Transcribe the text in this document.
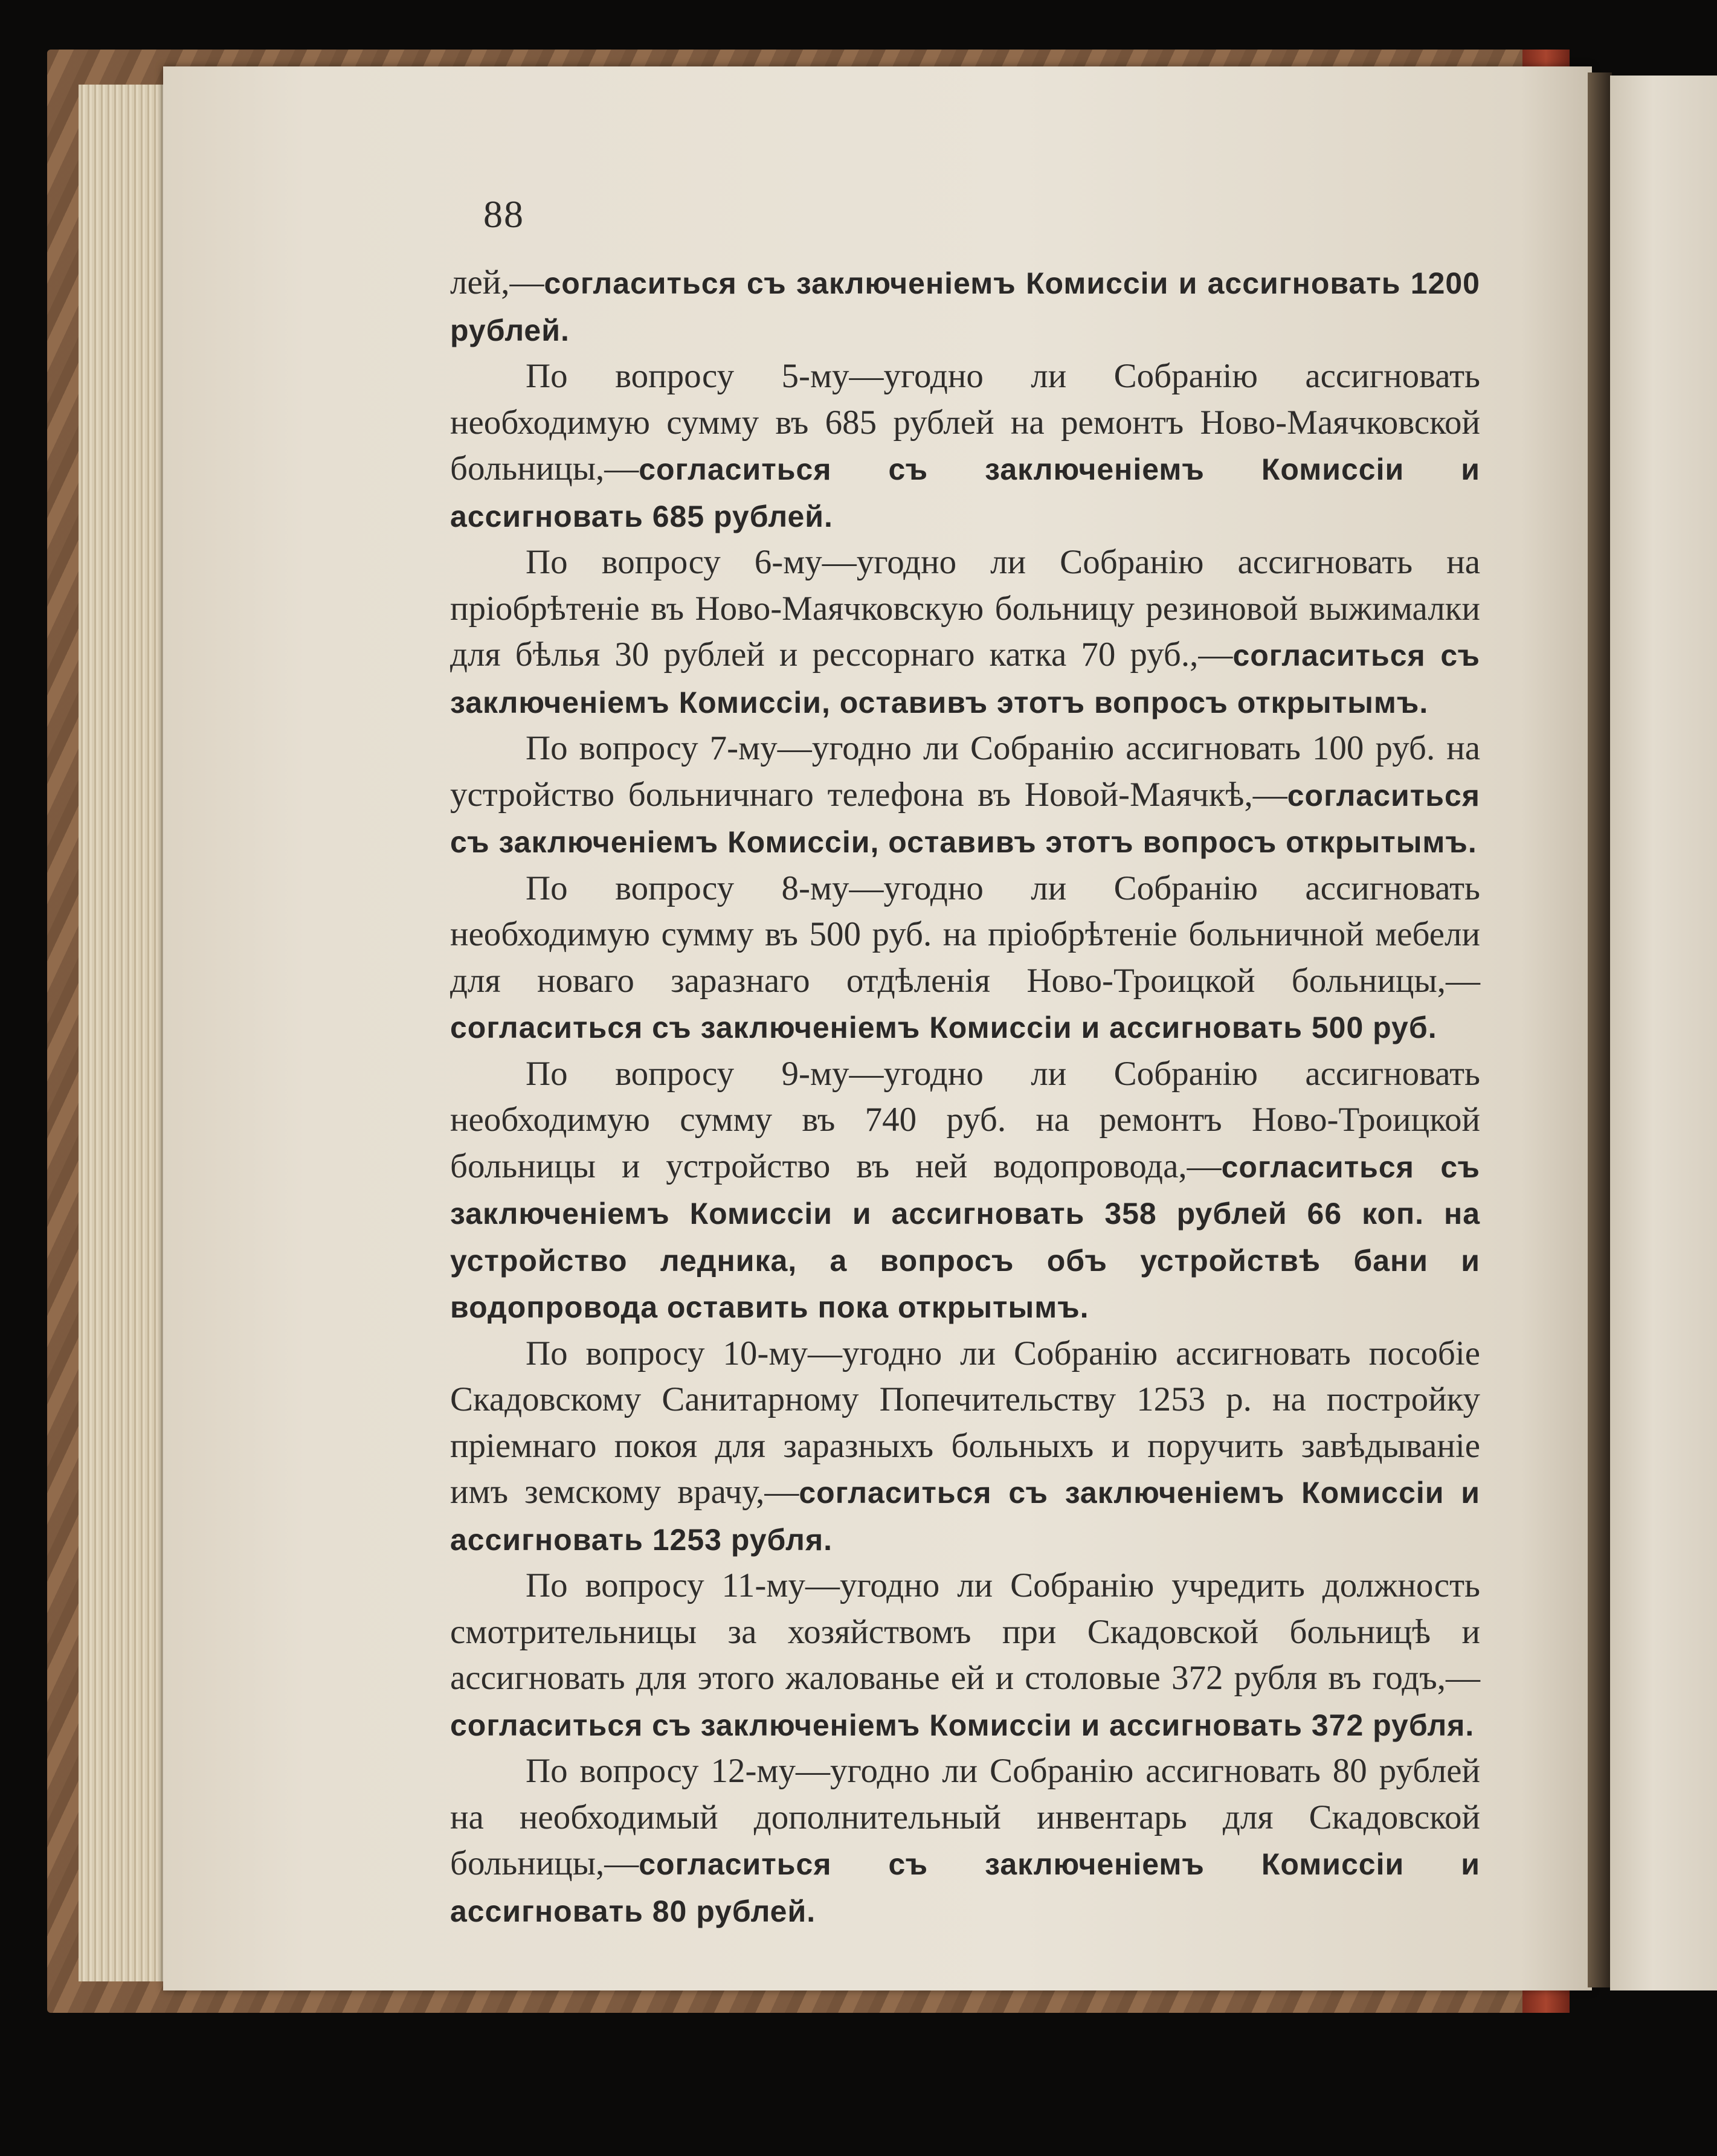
88

лей,—согласиться съ заключеніемъ Комиссіи и ассигновать 1200 рублей.

По вопросу 5-му—угодно ли Собранію ассигновать необходимую сумму въ 685 рублей на ремонтъ Ново-Маячковской больницы,—согласиться съ заключеніемъ Комиссіи и ассигновать 685 рублей.

По вопросу 6-му—угодно ли Собранію ассигновать на пріобрѣтеніе въ Ново-Маячковскую больницу резиновой выжималки для бѣлья 30 рублей и рессорнаго катка 70 руб.,—согласиться съ заключеніемъ Комиссіи, оставивъ этотъ вопросъ открытымъ.

По вопросу 7-му—угодно ли Собранію ассигновать 100 руб. на устройство больничнаго телефона въ Новой-Маячкѣ,—согласиться съ заключеніемъ Комиссіи, оставивъ этотъ вопросъ открытымъ.

По вопросу 8-му—угодно ли Собранію ассигновать необходимую сумму въ 500 руб. на пріобрѣтеніе больничной мебели для новаго заразнаго отдѣленія Ново-Троицкой больницы,—согласиться съ заключеніемъ Комиссіи и ассигновать 500 руб.

По вопросу 9-му—угодно ли Собранію ассигновать необходимую сумму въ 740 руб. на ремонтъ Ново-Троицкой больницы и устройство въ ней водопровода,—согласиться съ заключеніемъ Комиссіи и ассигновать 358 рублей 66 коп. на устройство ледника, а вопросъ объ устройствѣ бани и водопровода оставить пока открытымъ.

По вопросу 10-му—угодно ли Собранію ассигновать пособіе Скадовскому Санитарному Попечительству 1253 р. на постройку пріемнаго покоя для заразныхъ больныхъ и поручить завѣдываніе имъ земскому врачу,—согласиться съ заключеніемъ Комиссіи и ассигновать 1253 рубля.

По вопросу 11-му—угодно ли Собранію учредить должность смотрительницы за хозяйствомъ при Скадовской больницѣ и ассигновать для этого жалованье ей и столовые 372 рубля въ годъ,—согласиться съ заключеніемъ Комиссіи и ассигновать 372 рубля.

По вопросу 12-му—угодно ли Собранію ассигновать 80 рублей на необходимый дополнительный инвентарь для Скадовской больницы,—согласиться съ заключеніемъ Комиссіи и ассигновать 80 рублей.
